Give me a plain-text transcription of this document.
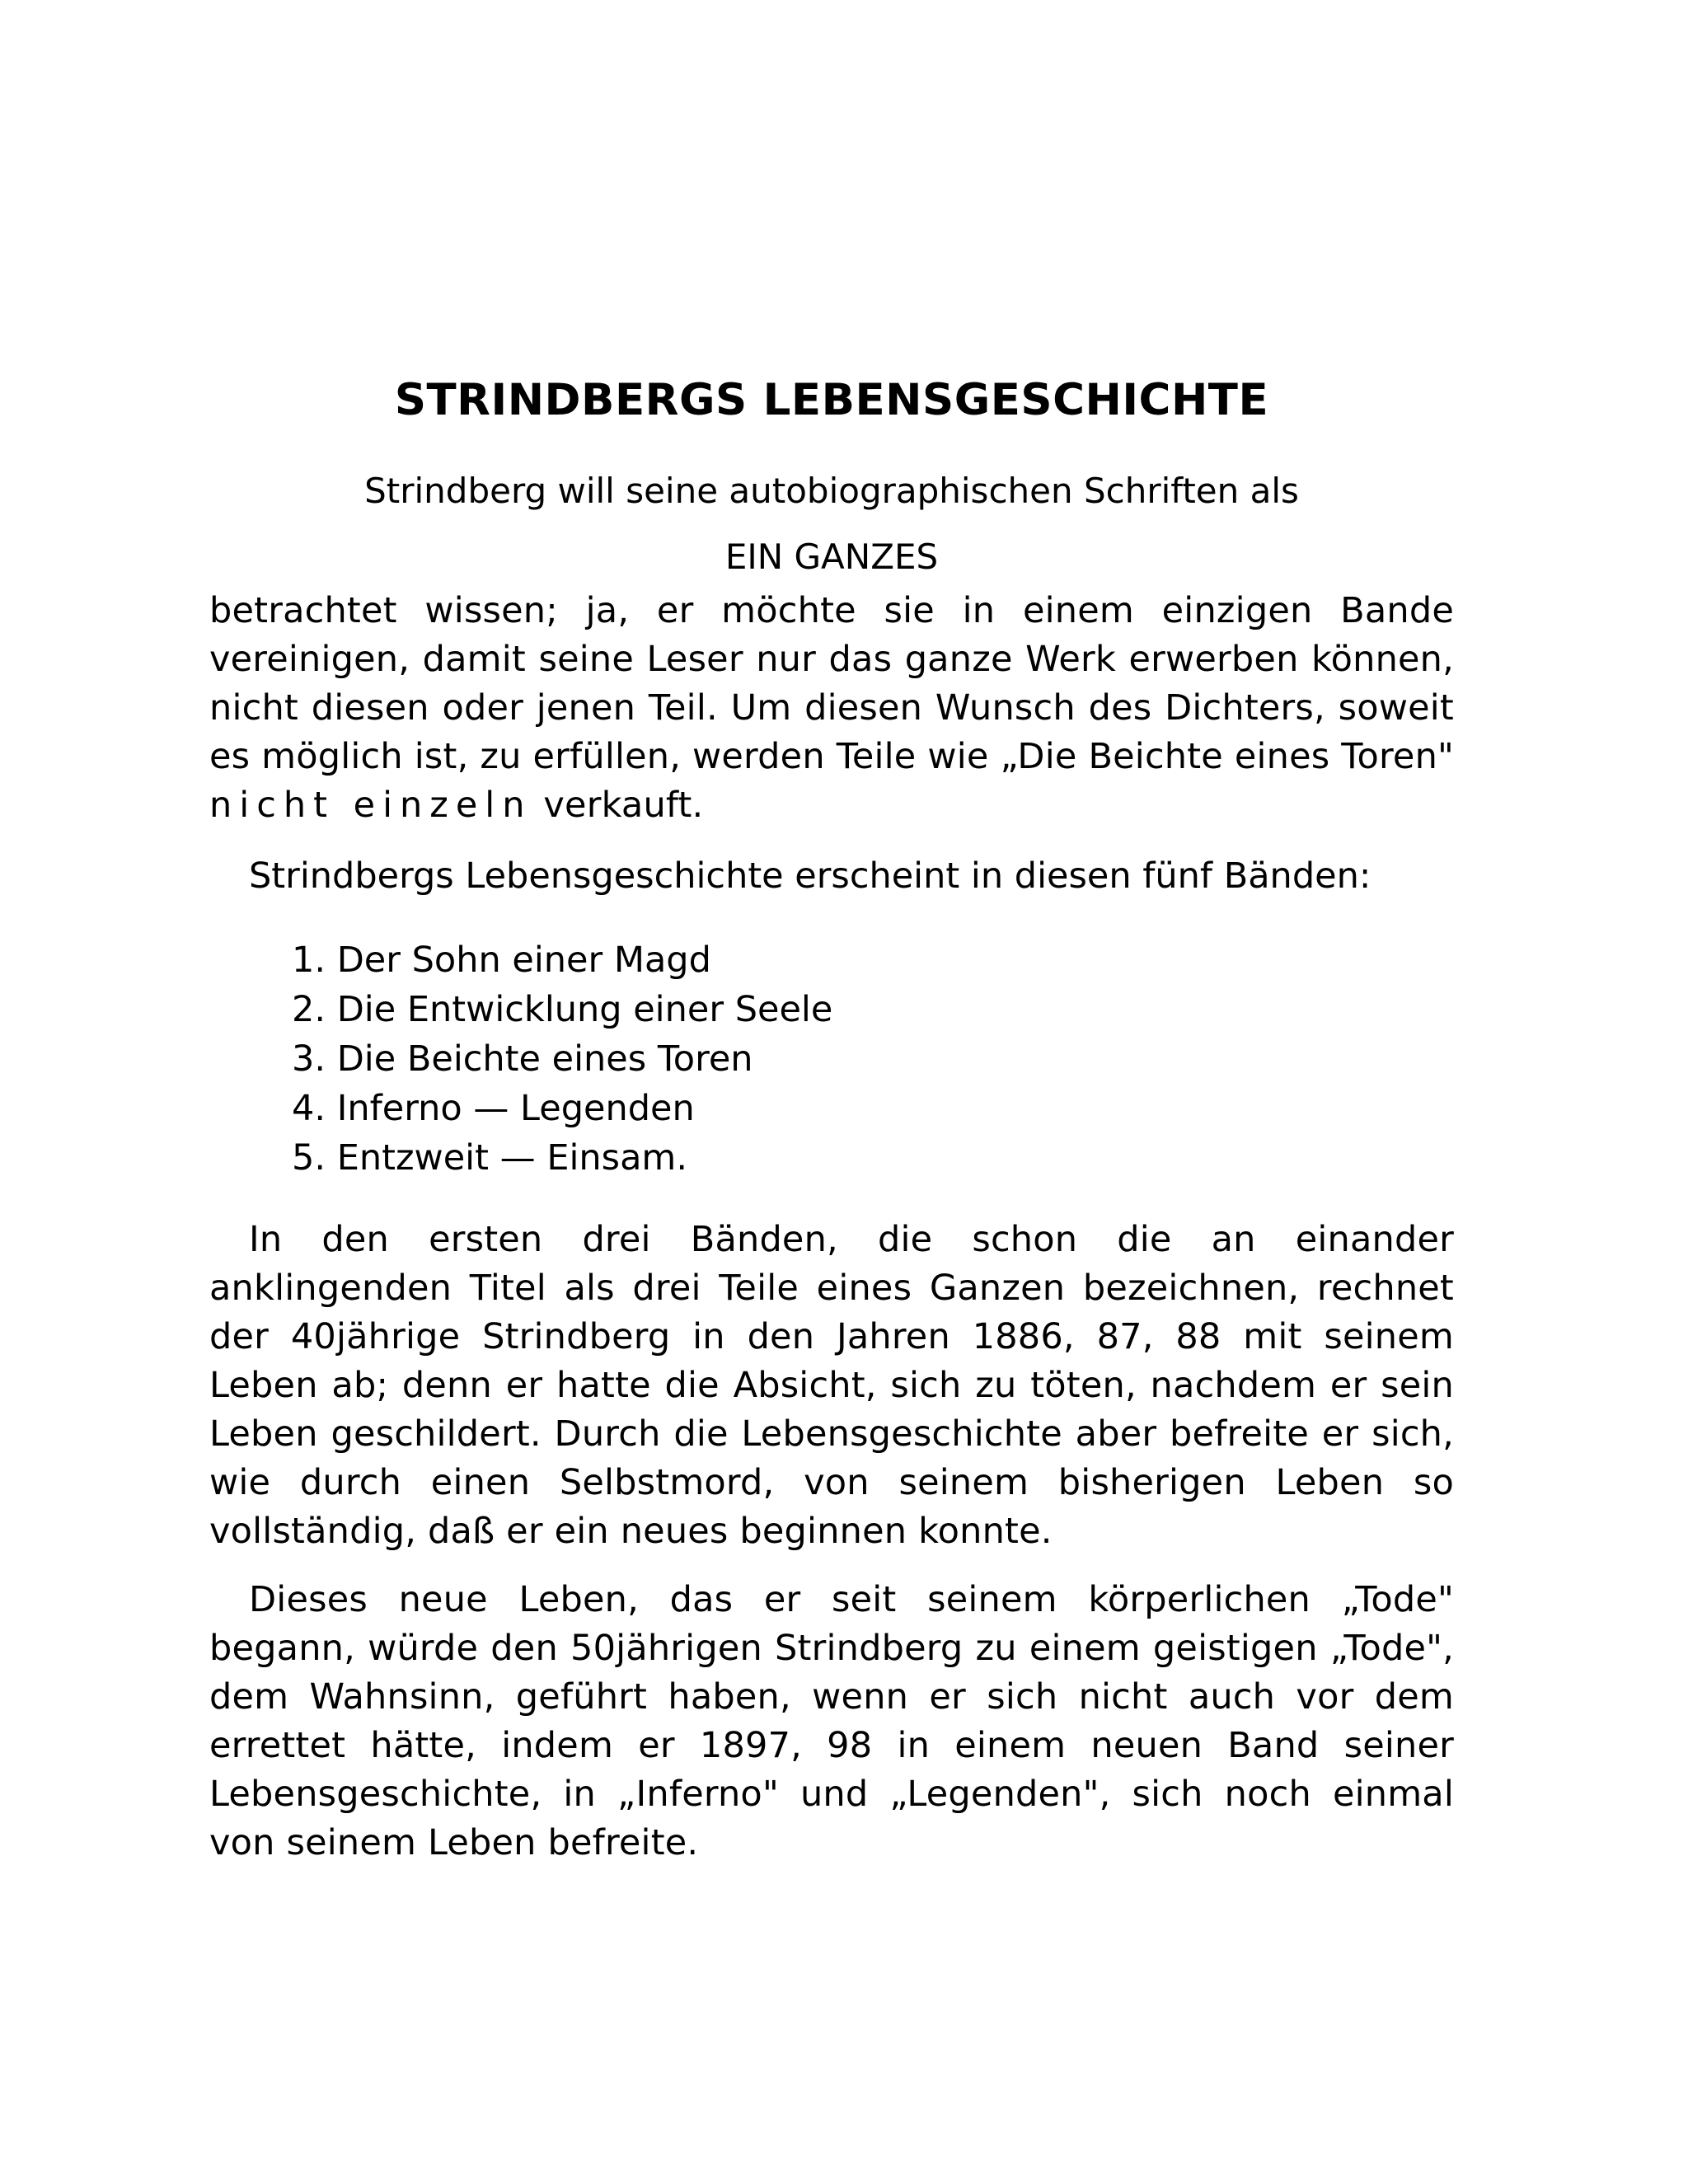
STRINDBERGS LEBENSGESCHICHTE

Strindberg will seine autobiographischen Schriften als

EIN GANZES

betrachtet wissen; ja, er möchte sie in einem einzigen Bande vereinigen, damit seine Leser nur das ganze Werk erwerben können, nicht diesen oder jenen Teil. Um diesen Wunsch des Dichters, soweit es möglich ist, zu erfüllen, werden Teile wie „Die Beichte eines Toren" nicht einzeln verkauft.

Strindbergs Lebensgeschichte erscheint in diesen fünf Bänden:

1. Der Sohn einer Magd
2. Die Entwicklung einer Seele
3. Die Beichte eines Toren
4. Inferno — Legenden
5. Entzweit — Einsam.

In den ersten drei Bänden, die schon die an einander anklingenden Titel als drei Teile eines Ganzen bezeichnen, rechnet der 40jährige Strindberg in den Jahren 1886, 87, 88 mit seinem Leben ab; denn er hatte die Absicht, sich zu töten, nachdem er sein Leben geschildert. Durch die Lebensgeschichte aber befreite er sich, wie durch einen Selbstmord, von seinem bisherigen Leben so vollständig, daß er ein neues beginnen konnte.

Dieses neue Leben, das er seit seinem körperlichen „Tode" begann, würde den 50jährigen Strindberg zu einem geistigen „Tode", dem Wahnsinn, geführt haben, wenn er sich nicht auch vor dem errettet hätte, indem er 1897, 98 in einem neuen Band seiner Lebensgeschichte, in „Inferno" und „Legenden", sich noch einmal von seinem Leben befreite.
